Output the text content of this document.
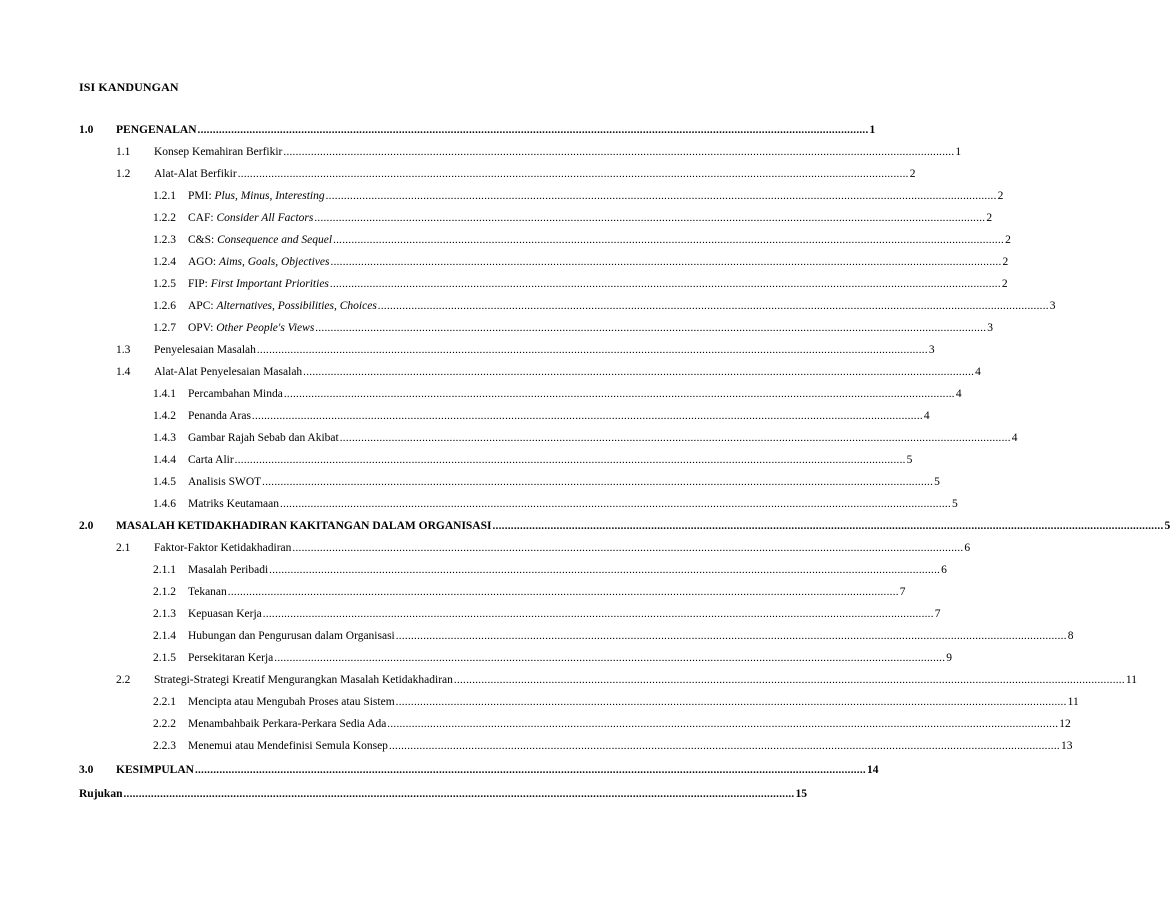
ISI KANDUNGAN
1.0	PENGENALAN ............................................................................................................................................................................................................................ 1
1.1	Konsep Kemahiran Berfikir ............................................................................................................................................................................................................................ 1
1.2	Alat-Alat Berfikir ............................................................................................................................................................................................................................ 2
1.2.1	PMI: Plus, Minus, Interesting ............................................................................................................................................................................................................................ 2
1.2.2	CAF: Consider All Factors ............................................................................................................................................................................................................................ 2
1.2.3	C&S: Consequence and Sequel ............................................................................................................................................................................................................................ 2
1.2.4	AGO: Aims, Goals, Objectives ............................................................................................................................................................................................................................ 2
1.2.5	FIP: First Important Priorities ............................................................................................................................................................................................................................ 2
1.2.6	APC: Alternatives, Possibilities, Choices ............................................................................................................................................................................................................................ 3
1.2.7	OPV: Other People's Views ............................................................................................................................................................................................................................ 3
1.3	Penyelesaian Masalah ............................................................................................................................................................................................................................ 3
1.4	Alat-Alat Penyelesaian Masalah ............................................................................................................................................................................................................................ 4
1.4.1	Percambahan Minda ............................................................................................................................................................................................................................ 4
1.4.2	Penanda Aras ............................................................................................................................................................................................................................ 4
1.4.3	Gambar Rajah Sebab dan Akibat ............................................................................................................................................................................................................................ 4
1.4.4	Carta Alir ............................................................................................................................................................................................................................ 5
1.4.5	Analisis SWOT ............................................................................................................................................................................................................................ 5
1.4.6	Matriks Keutamaan ............................................................................................................................................................................................................................ 5
2.0	MASALAH KETIDAKHADIRAN KAKITANGAN DALAM ORGANISASI ............................................................................................................................................................................................................................ 5
2.1	Faktor-Faktor Ketidakhadiran ............................................................................................................................................................................................................................ 6
2.1.1	Masalah Peribadi ............................................................................................................................................................................................................................ 6
2.1.2	Tekanan ............................................................................................................................................................................................................................ 7
2.1.3	Kepuasan Kerja ............................................................................................................................................................................................................................ 7
2.1.4	Hubungan dan Pengurusan dalam Organisasi ............................................................................................................................................................................................................................ 8
2.1.5	Persekitaran Kerja ............................................................................................................................................................................................................................ 9
2.2	Strategi-Strategi Kreatif Mengurangkan Masalah Ketidakhadiran ............................................................................................................................................................................................................................ 11
2.2.1	Mencipta atau Mengubah Proses atau Sistem ............................................................................................................................................................................................................................ 11
2.2.2	Menambahbaik Perkara-Perkara Sedia Ada ............................................................................................................................................................................................................................ 12
2.2.3	Menemui atau Mendefinisi Semula Konsep ............................................................................................................................................................................................................................ 13
3.0	KESIMPULAN ............................................................................................................................................................................................................................ 14
Rujukan ............................................................................................................................................................................................................................ 15
